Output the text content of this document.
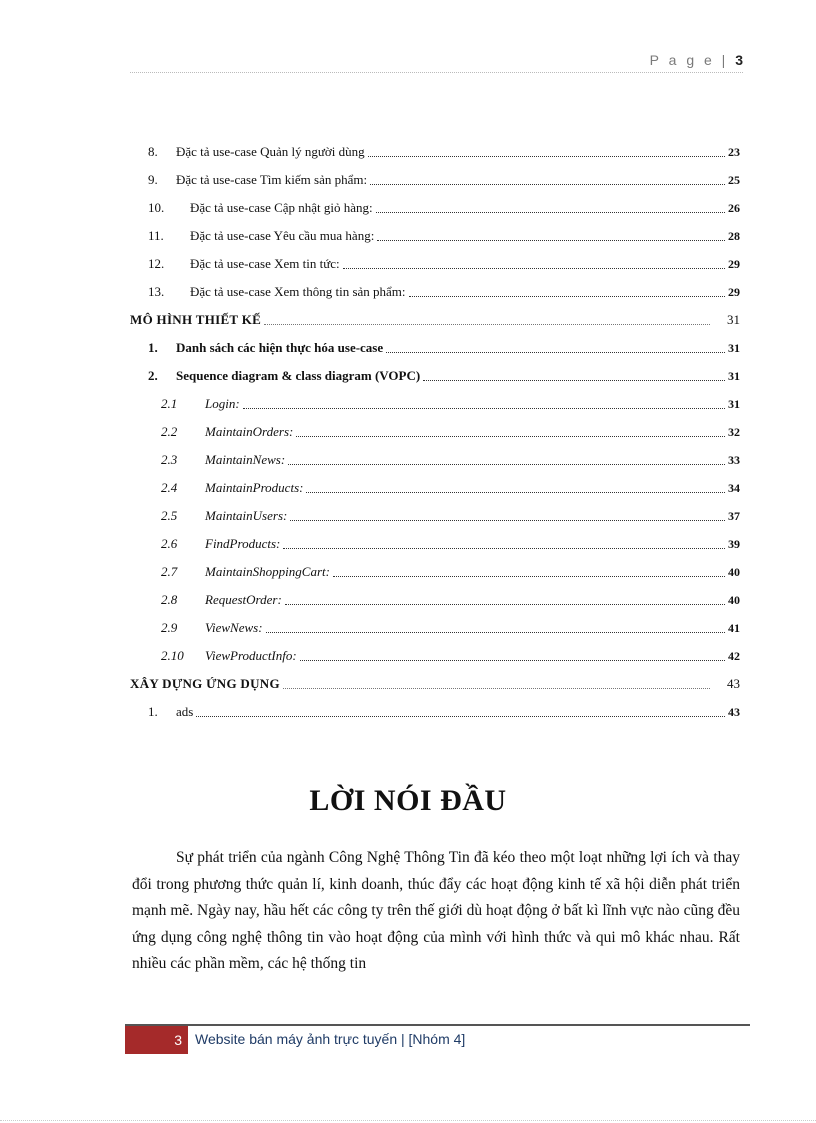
P a g e | 3
8.	Đặc tả use-case Quản lý người dùng	23
9.	Đặc tả use-case Tìm kiếm sản phẩm:	25
10.	Đặc tả use-case Cập nhật giỏ hàng:	26
11.	Đặc tả use-case Yêu cầu mua hàng:	28
12.	Đặc tả use-case Xem tin tức:	29
13.	Đặc tả use-case Xem thông tin sản phẩm:	29
MÔ HÌNH THIẾT KẾ	31
1.	Danh sách các hiện thực hóa use-case	31
2.	Sequence diagram & class diagram (VOPC)	31
2.1	Login:	31
2.2	MaintainOrders:	32
2.3	MaintainNews:	33
2.4	MaintainProducts:	34
2.5	MaintainUsers:	37
2.6	FindProducts:	39
2.7	MaintainShoppingCart:	40
2.8	RequestOrder:	40
2.9	ViewNews:	41
2.10	ViewProductInfo:	42
XÂY DỰNG ỨNG DỤNG	43
1.	ads	43
LỜI NÓI ĐẦU

Sự phát triển của ngành Công Nghệ Thông Tin đã kéo theo một loạt những lợi ích và thay đổi trong phương thức quản lí, kinh doanh, thúc đẩy các hoạt động kinh tế xã hội diễn phát triển mạnh mẽ. Ngày nay, hầu hết các công ty trên thế giới dù hoạt động ở bất kì lĩnh vực nào cũng đều ứng dụng công nghệ thông tin vào hoạt động của mình với hình thức và qui mô khác nhau. Rất nhiều các phần mềm, các hệ thống tin

3 Website bán máy ảnh trực tuyến | [Nhóm 4]
